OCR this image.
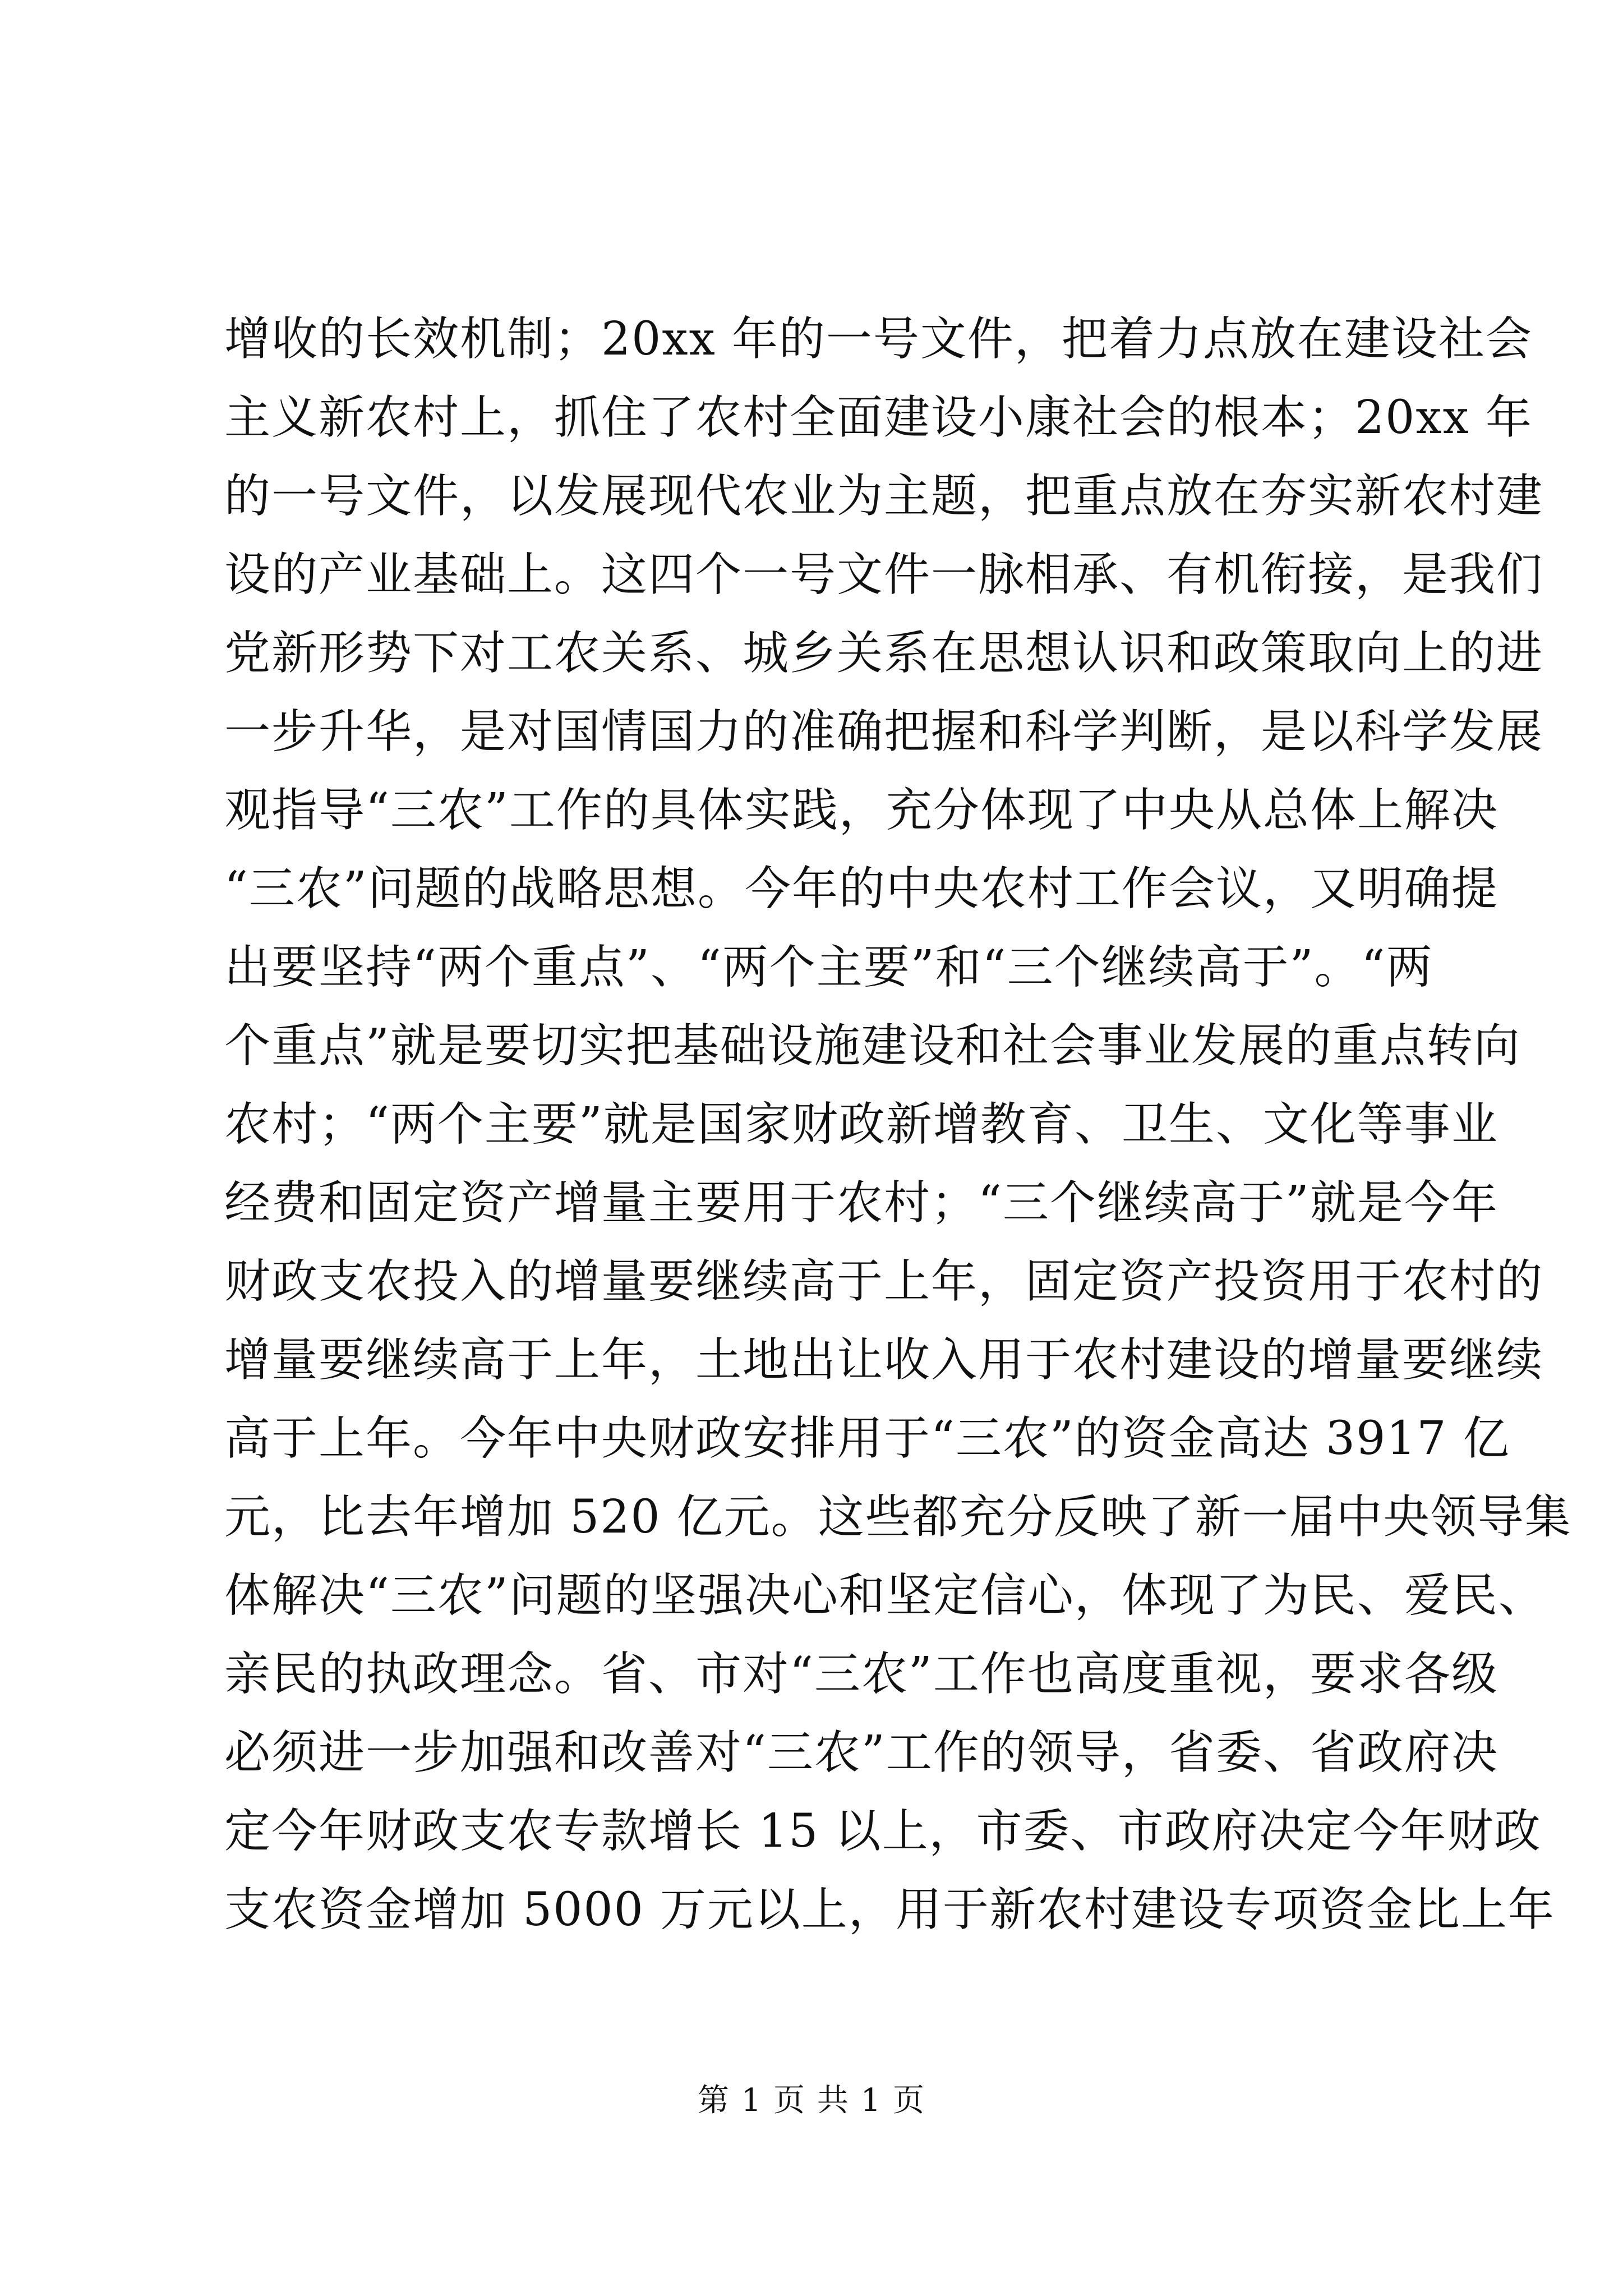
增收的长效机制；20xx 年的一号文件，把着力点放在建设社会
主义新农村上，抓住了农村全面建设小康社会的根本；20xx 年
的一号文件，以发展现代农业为主题，把重点放在夯实新农村建
设的产业基础上。这四个一号文件一脉相承、有机衔接，是我们
党新形势下对工农关系、城乡关系在思想认识和政策取向上的进
一步升华，是对国情国力的准确把握和科学判断，是以科学发展
观指导“三农”工作的具体实践，充分体现了中央从总体上解决
“三农”问题的战略思想。今年的中央农村工作会议，又明确提
出要坚持“两个重点”、“两个主要”和“三个继续高于”。“两
个重点”就是要切实把基础设施建设和社会事业发展的重点转向
农村；“两个主要”就是国家财政新增教育、卫生、文化等事业
经费和固定资产增量主要用于农村；“三个继续高于”就是今年
财政支农投入的增量要继续高于上年，固定资产投资用于农村的
增量要继续高于上年，土地出让收入用于农村建设的增量要继续
高于上年。今年中央财政安排用于“三农”的资金高达 3917 亿
元，比去年增加 520 亿元。这些都充分反映了新一届中央领导集
体解决“三农”问题的坚强决心和坚定信心，体现了为民、爱民、
亲民的执政理念。省、市对“三农”工作也高度重视，要求各级
必须进一步加强和改善对“三农”工作的领导，省委、省政府决
定今年财政支农专款增长 15 以上，市委、市政府决定今年财政
支农资金增加 5000 万元以上，用于新农村建设专项资金比上年
第 1 页 共 1 页
